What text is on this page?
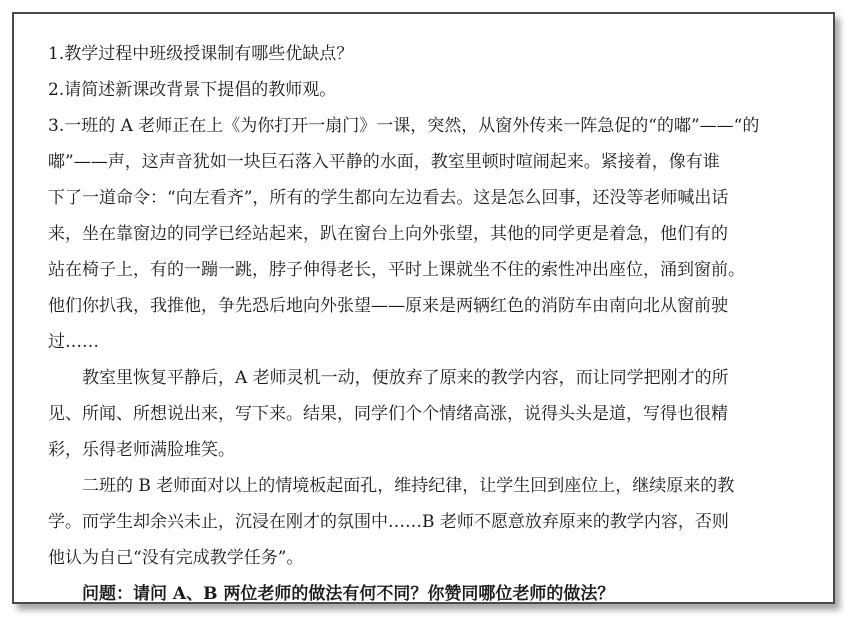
1.教学过程中班级授课制有哪些优缺点？
2.请简述新课改背景下提倡的教师观。
3.一班的 A 老师正在上《为你打开一扇门》一课，突然，从窗外传来一阵急促的“的嘟”——“的
嘟”——声，这声音犹如一块巨石落入平静的水面，教室里顿时喧闹起来。紧接着，像有谁
下了一道命令：“向左看齐”，所有的学生都向左边看去。这是怎么回事，还没等老师喊出话
来，坐在靠窗边的同学已经站起来，趴在窗台上向外张望，其他的同学更是着急，他们有的
站在椅子上，有的一蹦一跳，脖子伸得老长，平时上课就坐不住的索性冲出座位，涌到窗前。
他们你扒我，我推他，争先恐后地向外张望——原来是两辆红色的消防车由南向北从窗前驶
过……
教室里恢复平静后，A 老师灵机一动，便放弃了原来的教学内容，而让同学把刚才的所
见、所闻、所想说出来，写下来。结果，同学们个个情绪高涨，说得头头是道，写得也很精
彩，乐得老师满脸堆笑。
二班的 B 老师面对以上的情境板起面孔，维持纪律，让学生回到座位上，继续原来的教
学。而学生却余兴未止，沉浸在刚才的氛围中……B 老师不愿意放弃原来的教学内容，否则
他认为自己“没有完成教学任务”。
问题：请问 A、B 两位老师的做法有何不同？你赞同哪位老师的做法？
